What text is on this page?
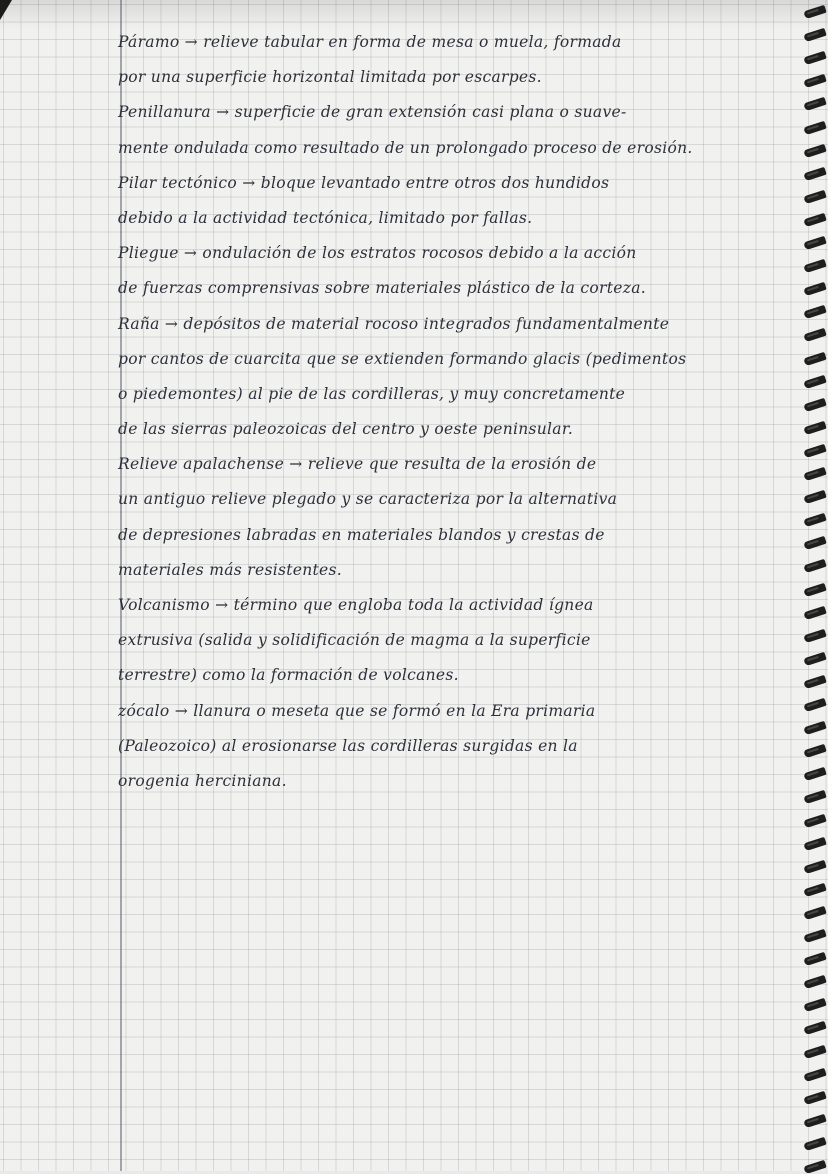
Páramo → relieve tabular en forma de mesa o muela, formada
por una superficie horizontal limitada por escarpes.
Penillanura → superficie de gran extensión casi plana o suave-
mente ondulada como resultado de un prolongado proceso de erosión.
Pilar tectónico → bloque levantado entre otros dos hundidos
debido a la actividad tectónica, limitado por fallas.
Pliegue → ondulación de los estratos rocosos debido a la acción
de fuerzas comprensivas sobre materiales plástico de la corteza.
Raña → depósitos de material rocoso integrados fundamentalmente
por cantos de cuarcita que se extienden formando glacis (pedimentos
o piedemontes) al pie de las cordilleras, y muy concretamente
de las sierras paleozoicas del centro y oeste peninsular.
Relieve apalachense → relieve que resulta de la erosión de
un antiguo relieve plegado y se caracteriza por la alternativa
de depresiones labradas en materiales blandos y crestas de
materiales más resistentes.
Volcanismo → término que engloba toda la actividad ígnea
extrusiva (salida y solidificación de magma a la superficie
terrestre) como la formación de volcanes.
zócalo → llanura o meseta que se formó en la Era primaria
(Paleozoico) al erosionarse las cordilleras surgidas en la
orogenia herciniana.
